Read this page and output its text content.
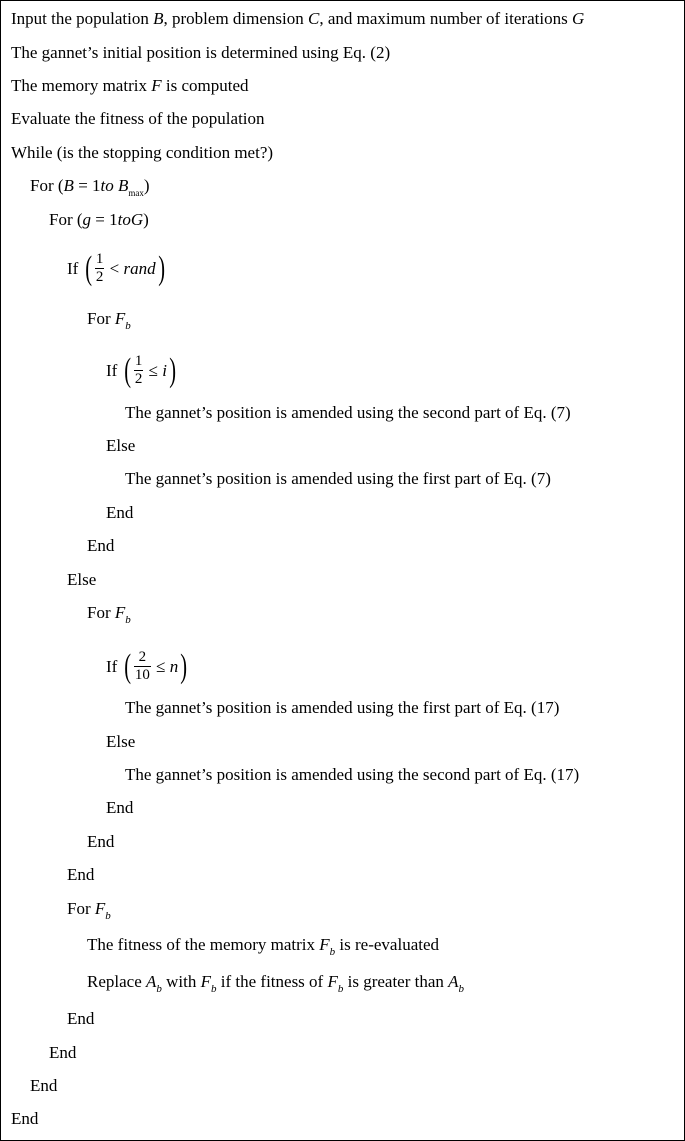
Input the population B, problem dimension C, and maximum number of iterations G
The gannet’s initial position is determined using Eq. (2)
The memory matrix F is computed
Evaluate the fitness of the population
While (is the stopping condition met?)
For (B = 1to $B_{max}$)
For (g = 1toG)
If ( $\frac{1}{2}$ < rand)
For $F_b$
If ( $\frac{1}{2} \le i$)
The gannet’s position is amended using the second part of Eq. (7)
Else
The gannet’s position is amended using the first part of Eq. (7)
End
End
Else
For $F_b$
If ( $\frac{2}{10} \le n$)
The gannet’s position is amended using the first part of Eq. (17)
Else
The gannet’s position is amended using the second part of Eq. (17)
End
End
End
For $F_b$
The fitness of the memory matrix $F_b$ is re-evaluated
Replace $A_b$ with $F_b$ if the fitness of $F_b$ is greater than $A_b$
End
End
End
End
